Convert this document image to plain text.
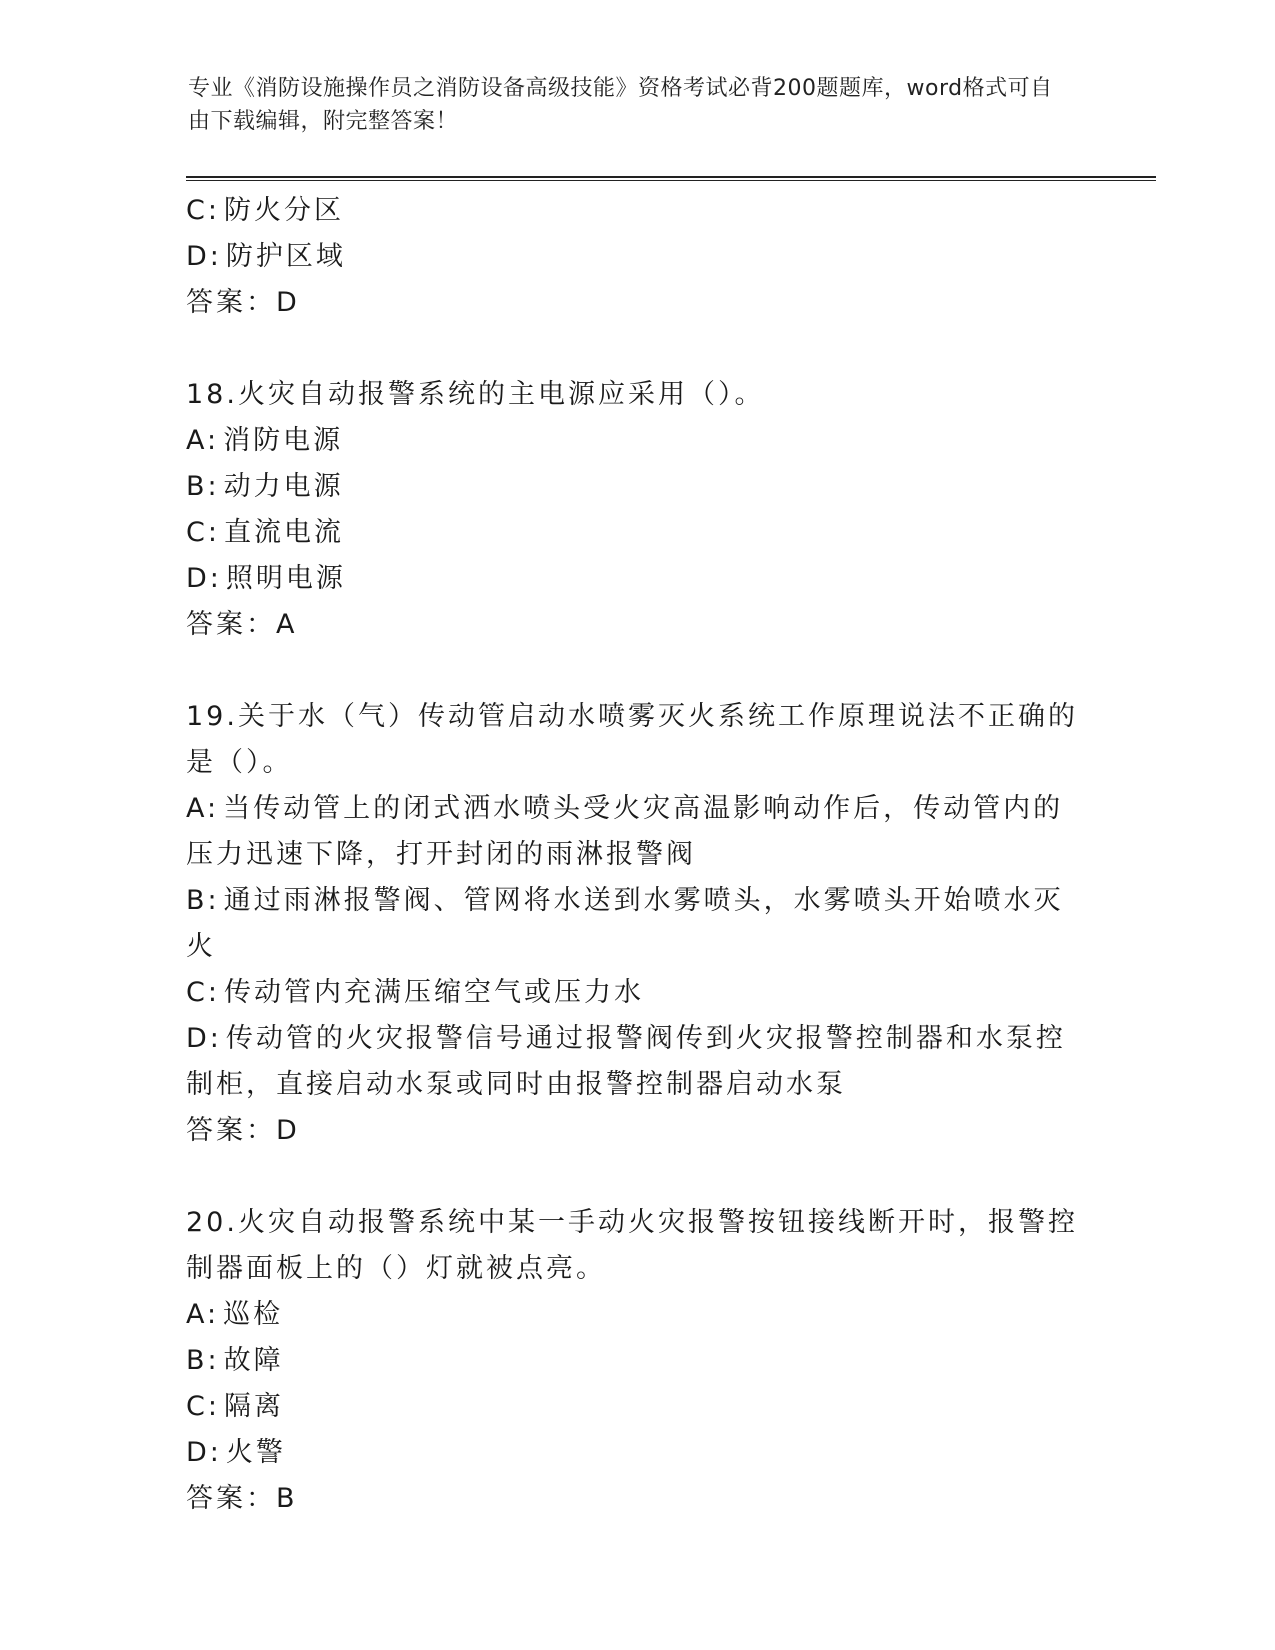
专业《消防设施操作员之消防设备高级技能》资格考试必背200题题库，word格式可自由下载编辑，附完整答案！
C: 防火分区
D: 防护区域
答案：D
18.火灾自动报警系统的主电源应采用（）。
A: 消防电源
B: 动力电源
C: 直流电流
D: 照明电源
答案：A
19.关于水（气）传动管启动水喷雾灭火系统工作原理说法不正确的是（）。
A: 当传动管上的闭式洒水喷头受火灾高温影响动作后，传动管内的压力迅速下降，打开封闭的雨淋报警阀
B: 通过雨淋报警阀、管网将水送到水雾喷头，水雾喷头开始喷水灭火
C: 传动管内充满压缩空气或压力水
D: 传动管的火灾报警信号通过报警阀传到火灾报警控制器和水泵控制柜，直接启动水泵或同时由报警控制器启动水泵
答案：D
20.火灾自动报警系统中某一手动火灾报警按钮接线断开时，报警控制器面板上的（）灯就被点亮。
A: 巡检
B: 故障
C: 隔离
D: 火警
答案：B
